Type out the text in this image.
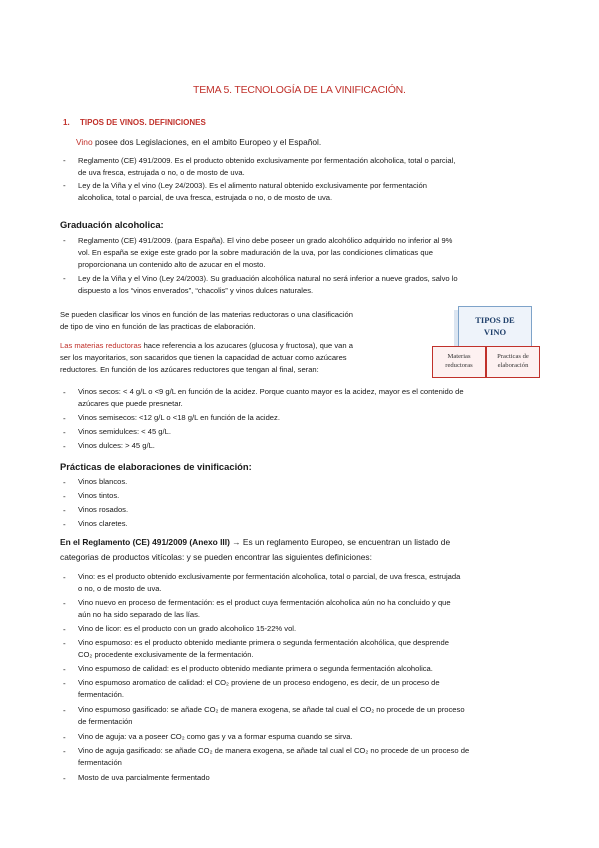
TEMA 5. TECNOLOGÍA DE LA VINIFICACIÓN.
1. TIPOS DE VINOS. DEFINICIONES
Vino posee dos Legislaciones, en el ambito Europeo y el Español.
- Reglamento (CE) 491/2009. Es el producto obtenido exclusivamente por fermentación alcoholica, total o parcial,
de uva fresca, estrujada o no, o de mosto de uva.
- Ley de la Viña y el vino (Ley 24/2003). Es el alimento natural obtenido exclusivamente por fermentación
alcoholica, total o parcial, de uva fresca, estrujada o no, o de mosto de uva.
Graduación alcoholica:
- Reglamento (CE) 491/2009. (para España). El vino debe poseer un grado alcohólico adquirido no inferior al 9%
vol. En españa se exige este grado por la sobre maduración de la uva, por las condiciones climaticas que
proporcionana un contenido alto de azucar en el mosto.
- Ley de la Viña y el Vino (Ley 24/2003). Su graduación alcohólica natural no será inferior a nueve grados, salvo lo
dispuesto a los “vinos enverados”, “chacolis” y vinos dulces naturales.
Se pueden clasificar los vinos en función de las materias reductoras o una clasificación
de tipo de vino en función de las practicas de elaboración.
Las materias reductoras hace referencia a los azucares (glucosa y fructosa), que van a
ser los mayoritarios, son sacaridos que tienen la capacidad de actuar como azúcares
reductores. En función de los azúcares reductores que tengan al final, seran:
TIPOS DE
VINO
Materias
reductoras
Practicas de
elaboración
- Vinos secos: < 4 g/L o <9 g/L en función de la acidez. Porque cuanto mayor es la acidez, mayor es el contenido de
azúcares que puede presnetar.
- Vinos semisecos: <12 g/L o <18 g/L en función de la acidez.
- Vinos semidulces: < 45 g/L.
- Vinos dulces: > 45 g/L.
Prácticas de elaboraciones de vinificación:
- Vinos blancos.
- Vinos tintos.
- Vinos rosados.
- Vinos claretes.
En el Reglamento (CE) 491/2009 (Anexo III) → Es un reglamento Europeo, se encuentran un listado de
categorias de productos vitícolas: y se pueden encontrar las siguientes definiciones:
- Vino: es el producto obtenido exclusivamente por fermentación alcoholica, total o parcial, de uva fresca, estrujada
o no, o de mosto de uva.
- Vino nuevo en proceso de fermentación: es el product cuya fermentación alcoholica aún no ha concluido y que
aún no ha sido separado de las lías.
- Vino de licor: es el producto con un grado alcoholico 15-22% vol.
- Vino espumoso: es el producto obtenido mediante primera o segunda fermentación alcohólica, que desprende
CO₂ procedente exclusivamente de la fermentación.
- Vino espumoso de calidad: es el producto obtenido mediante primera o segunda fermentación alcoholica.
- Vino espumoso aromatico de calidad: el CO₂ proviene de un proceso endogeno, es decir, de un proceso de
fermentación.
- Vino espumoso gasificado: se añade CO₂ de manera exogena, se añade tal cual el CO₂ no procede de un proceso
de fermentación
- Vino de aguja: va a poseer CO₂ como gas y va a formar espuma cuando se sirva.
- Vino de aguja gasificado: se añade CO₂ de manera exogena, se añade tal cual el CO₂ no procede de un proceso de
fermentación
- Mosto de uva parcialmente fermentado
